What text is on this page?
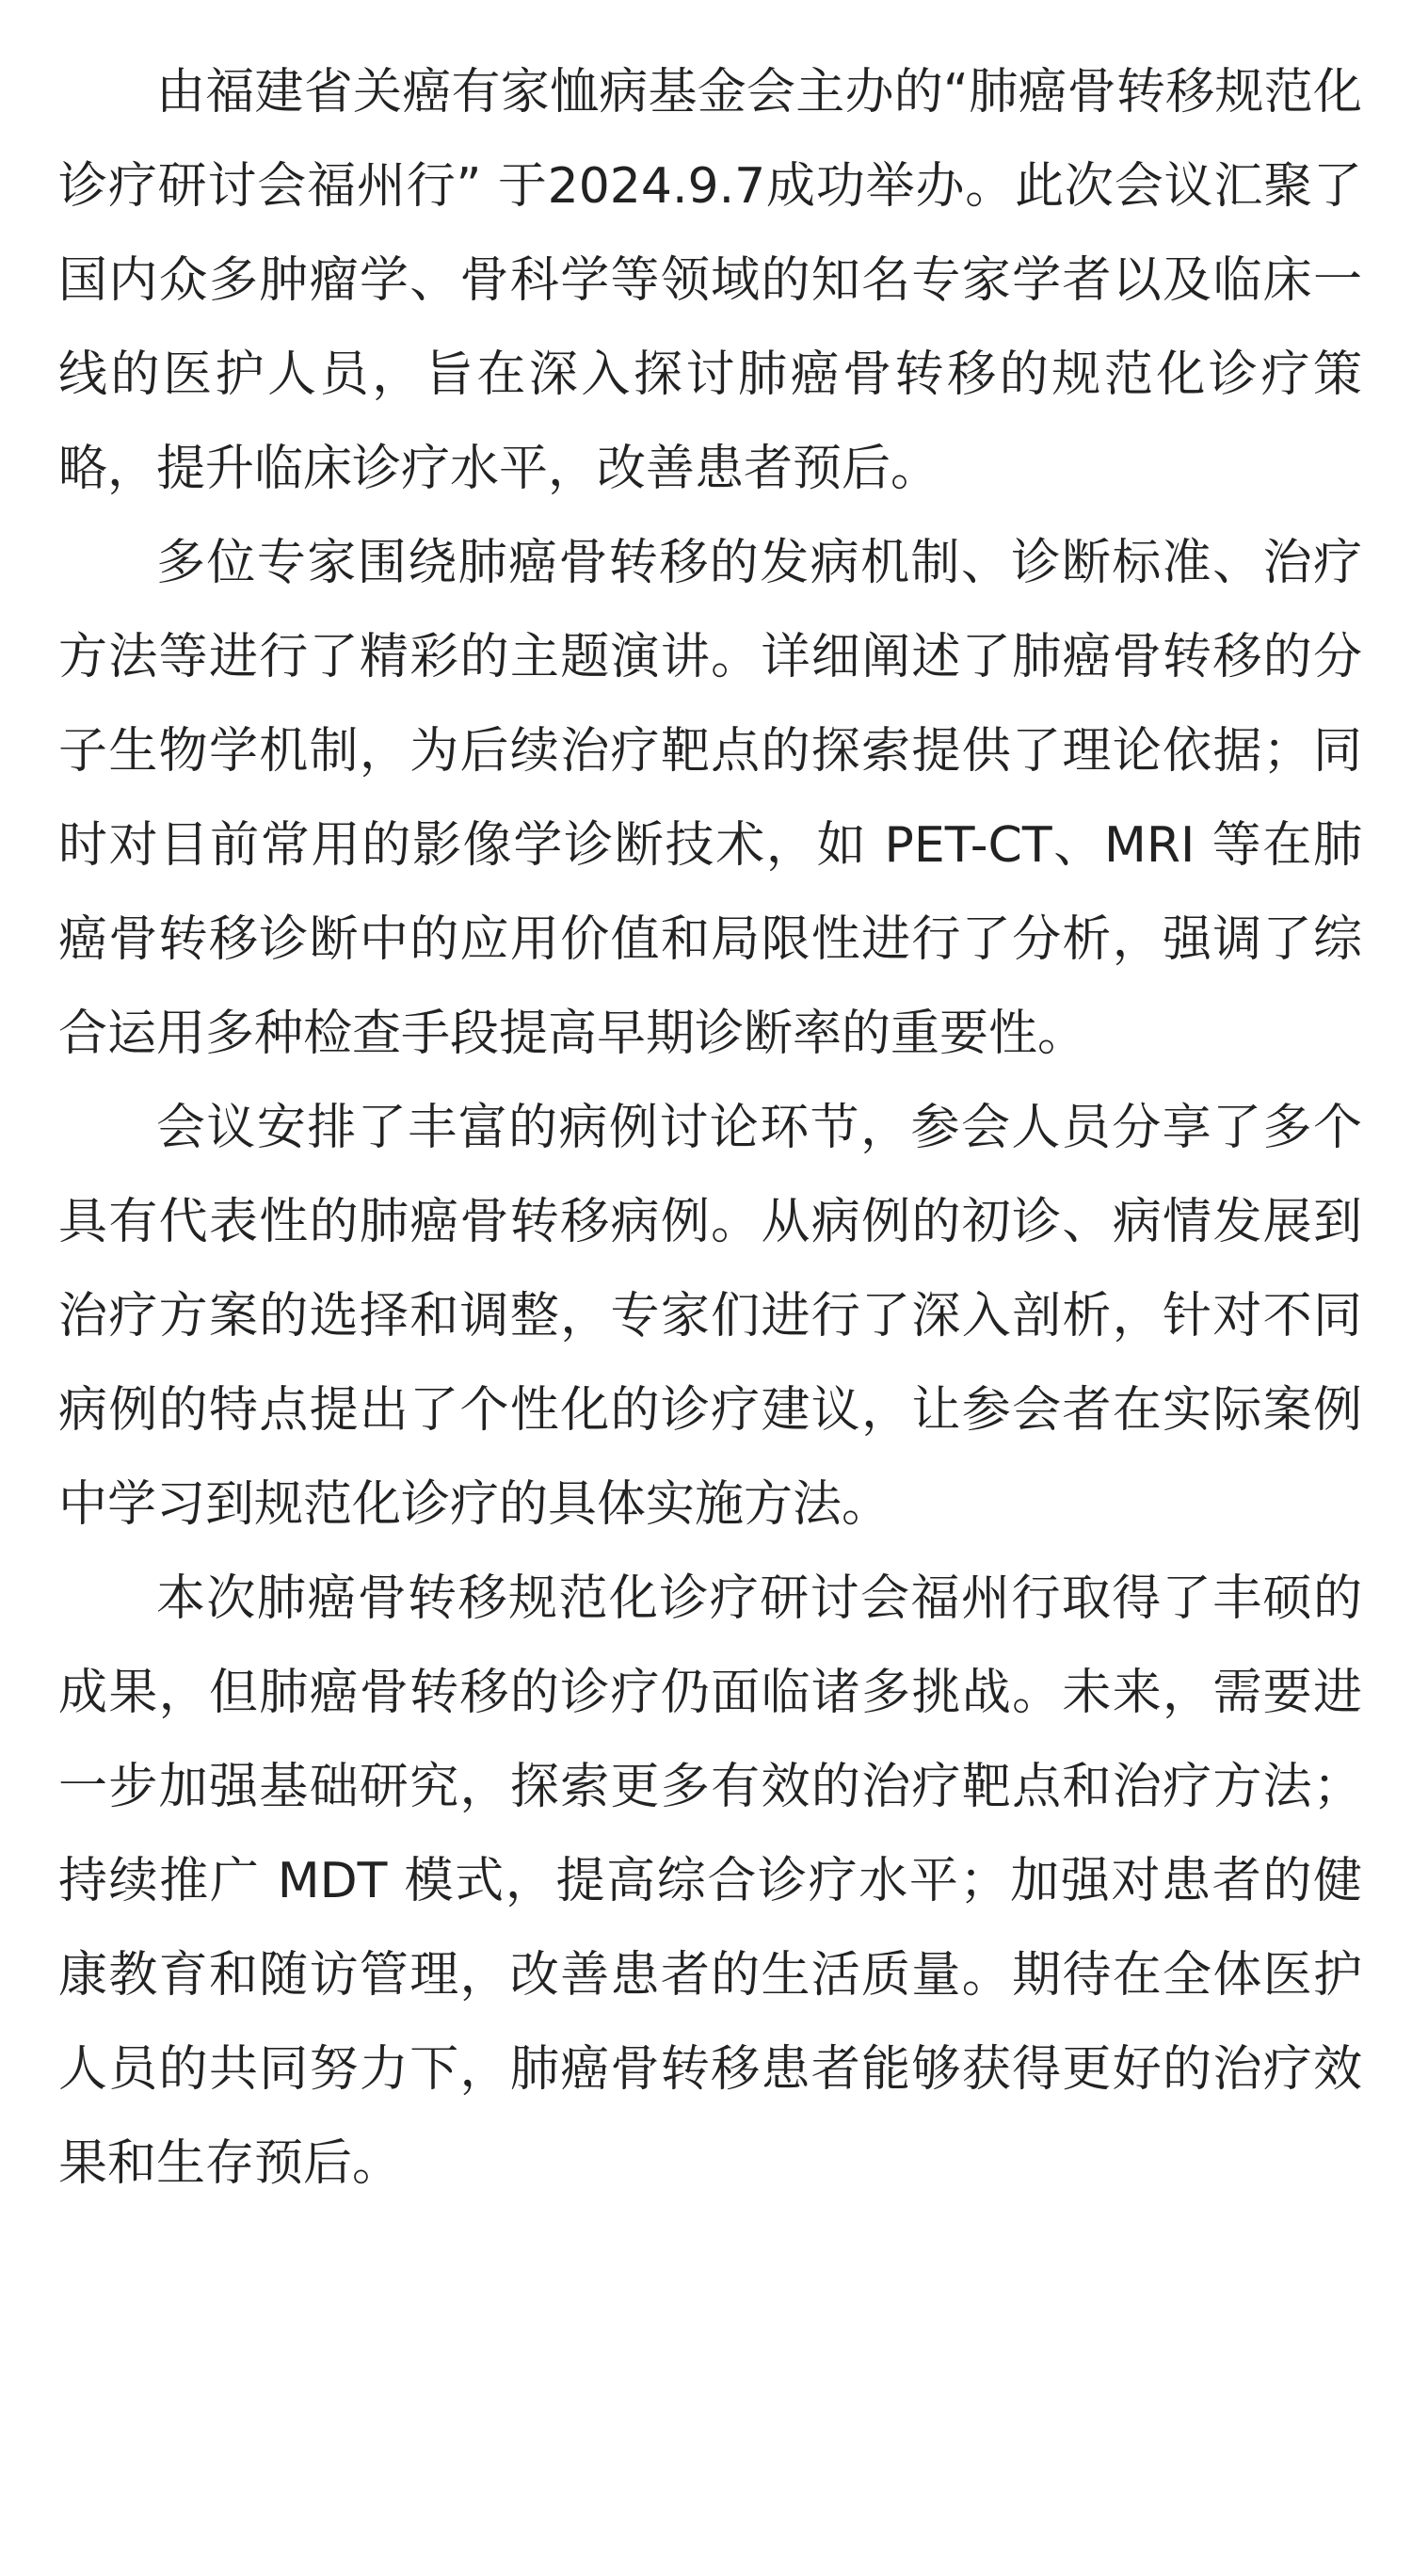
由福建省关癌有家恤病基金会主办的“肺癌骨转移规范化诊疗研讨会福州行” 于2024.9.7成功举办。此次会议汇聚了国内众多肿瘤学、骨科学等领域的知名专家学者以及临床一线的医护人员，旨在深入探讨肺癌骨转移的规范化诊疗策略，提升临床诊疗水平，改善患者预后。

多位专家围绕肺癌骨转移的发病机制、诊断标准、治疗方法等进行了精彩的主题演讲。详细阐述了肺癌骨转移的分子生物学机制，为后续治疗靶点的探索提供了理论依据；同时对目前常用的影像学诊断技术，如 PET-CT、MRI 等在肺癌骨转移诊断中的应用价值和局限性进行了分析，强调了综合运用多种检查手段提高早期诊断率的重要性。

会议安排了丰富的病例讨论环节，参会人员分享了多个具有代表性的肺癌骨转移病例。从病例的初诊、病情发展到治疗方案的选择和调整，专家们进行了深入剖析，针对不同病例的特点提出了个性化的诊疗建议，让参会者在实际案例中学习到规范化诊疗的具体实施方法。

本次肺癌骨转移规范化诊疗研讨会福州行取得了丰硕的成果，但肺癌骨转移的诊疗仍面临诸多挑战。未来，需要进一步加强基础研究，探索更多有效的治疗靶点和治疗方法；持续推广 MDT 模式，提高综合诊疗水平；加强对患者的健康教育和随访管理，改善患者的生活质量。期待在全体医护人员的共同努力下，肺癌骨转移患者能够获得更好的治疗效果和生存预后。
